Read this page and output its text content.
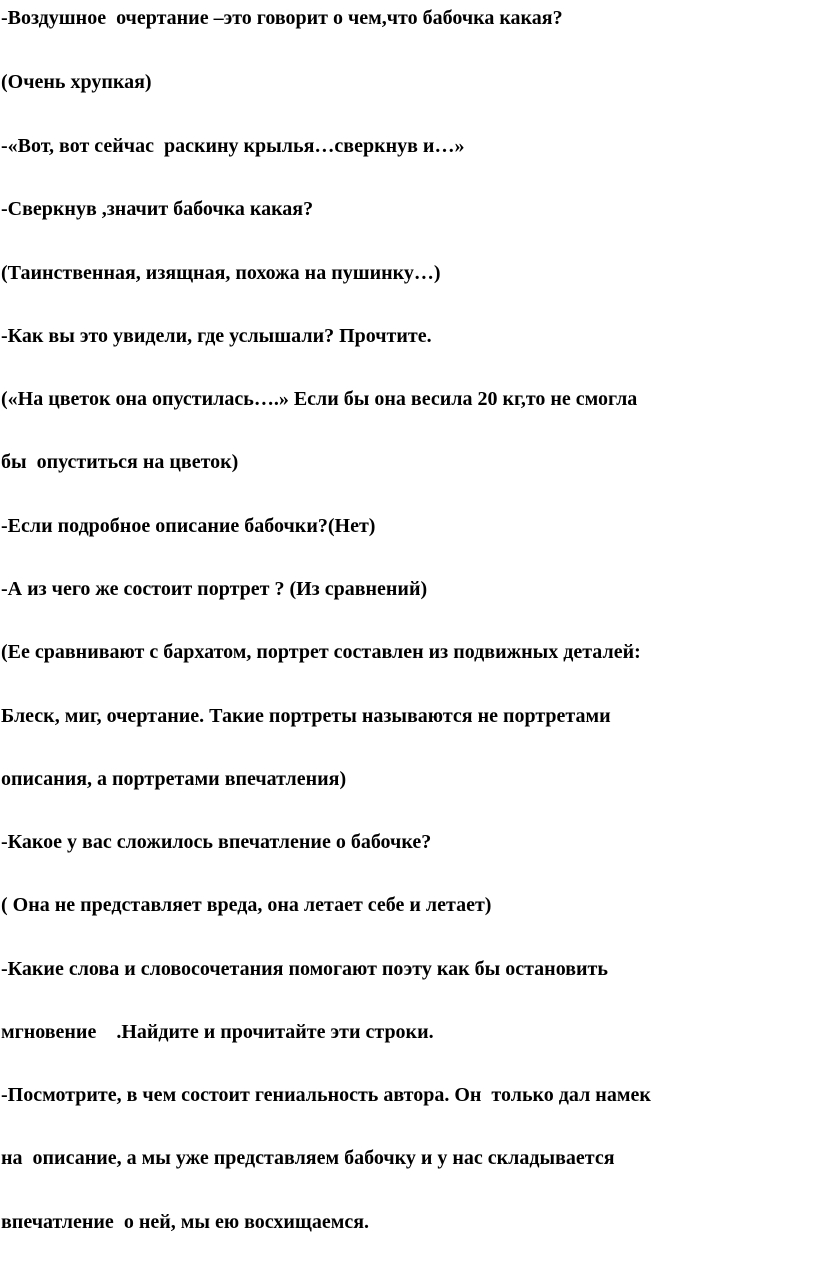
-Воздушное  очертание –это говорит о чем,что бабочка какая?

(Очень хрупкая)

-«Вот, вот сейчас  раскину крылья…сверкнув и…»

-Сверкнув ,значит бабочка какая?

(Таинственная, изящная, похожа на пушинку…)

-Как вы это увидели, где услышали? Прочтите.

(«На цветок она опустилась….» Если бы она весила 20 кг,то не смогла

бы  опуститься на цветок)

-Если подробное описание бабочки?(Нет)

-А из чего же состоит портрет ? (Из сравнений)

(Ее сравнивают с бархатом, портрет составлен из подвижных деталей:

Блеск, миг, очертание. Такие портреты называются не портретами

описания, а портретами впечатления)

-Какое у вас сложилось впечатление о бабочке?

( Она не представляет вреда, она летает себе и летает)

-Какие слова и словосочетания помогают поэту как бы остановить

мгновение    .Найдите и прочитайте эти строки.

-Посмотрите, в чем состоит гениальность автора. Он  только дал намек

на  описание, а мы уже представляем бабочку и у нас складывается

впечатление  о ней, мы ею восхищаемся.
